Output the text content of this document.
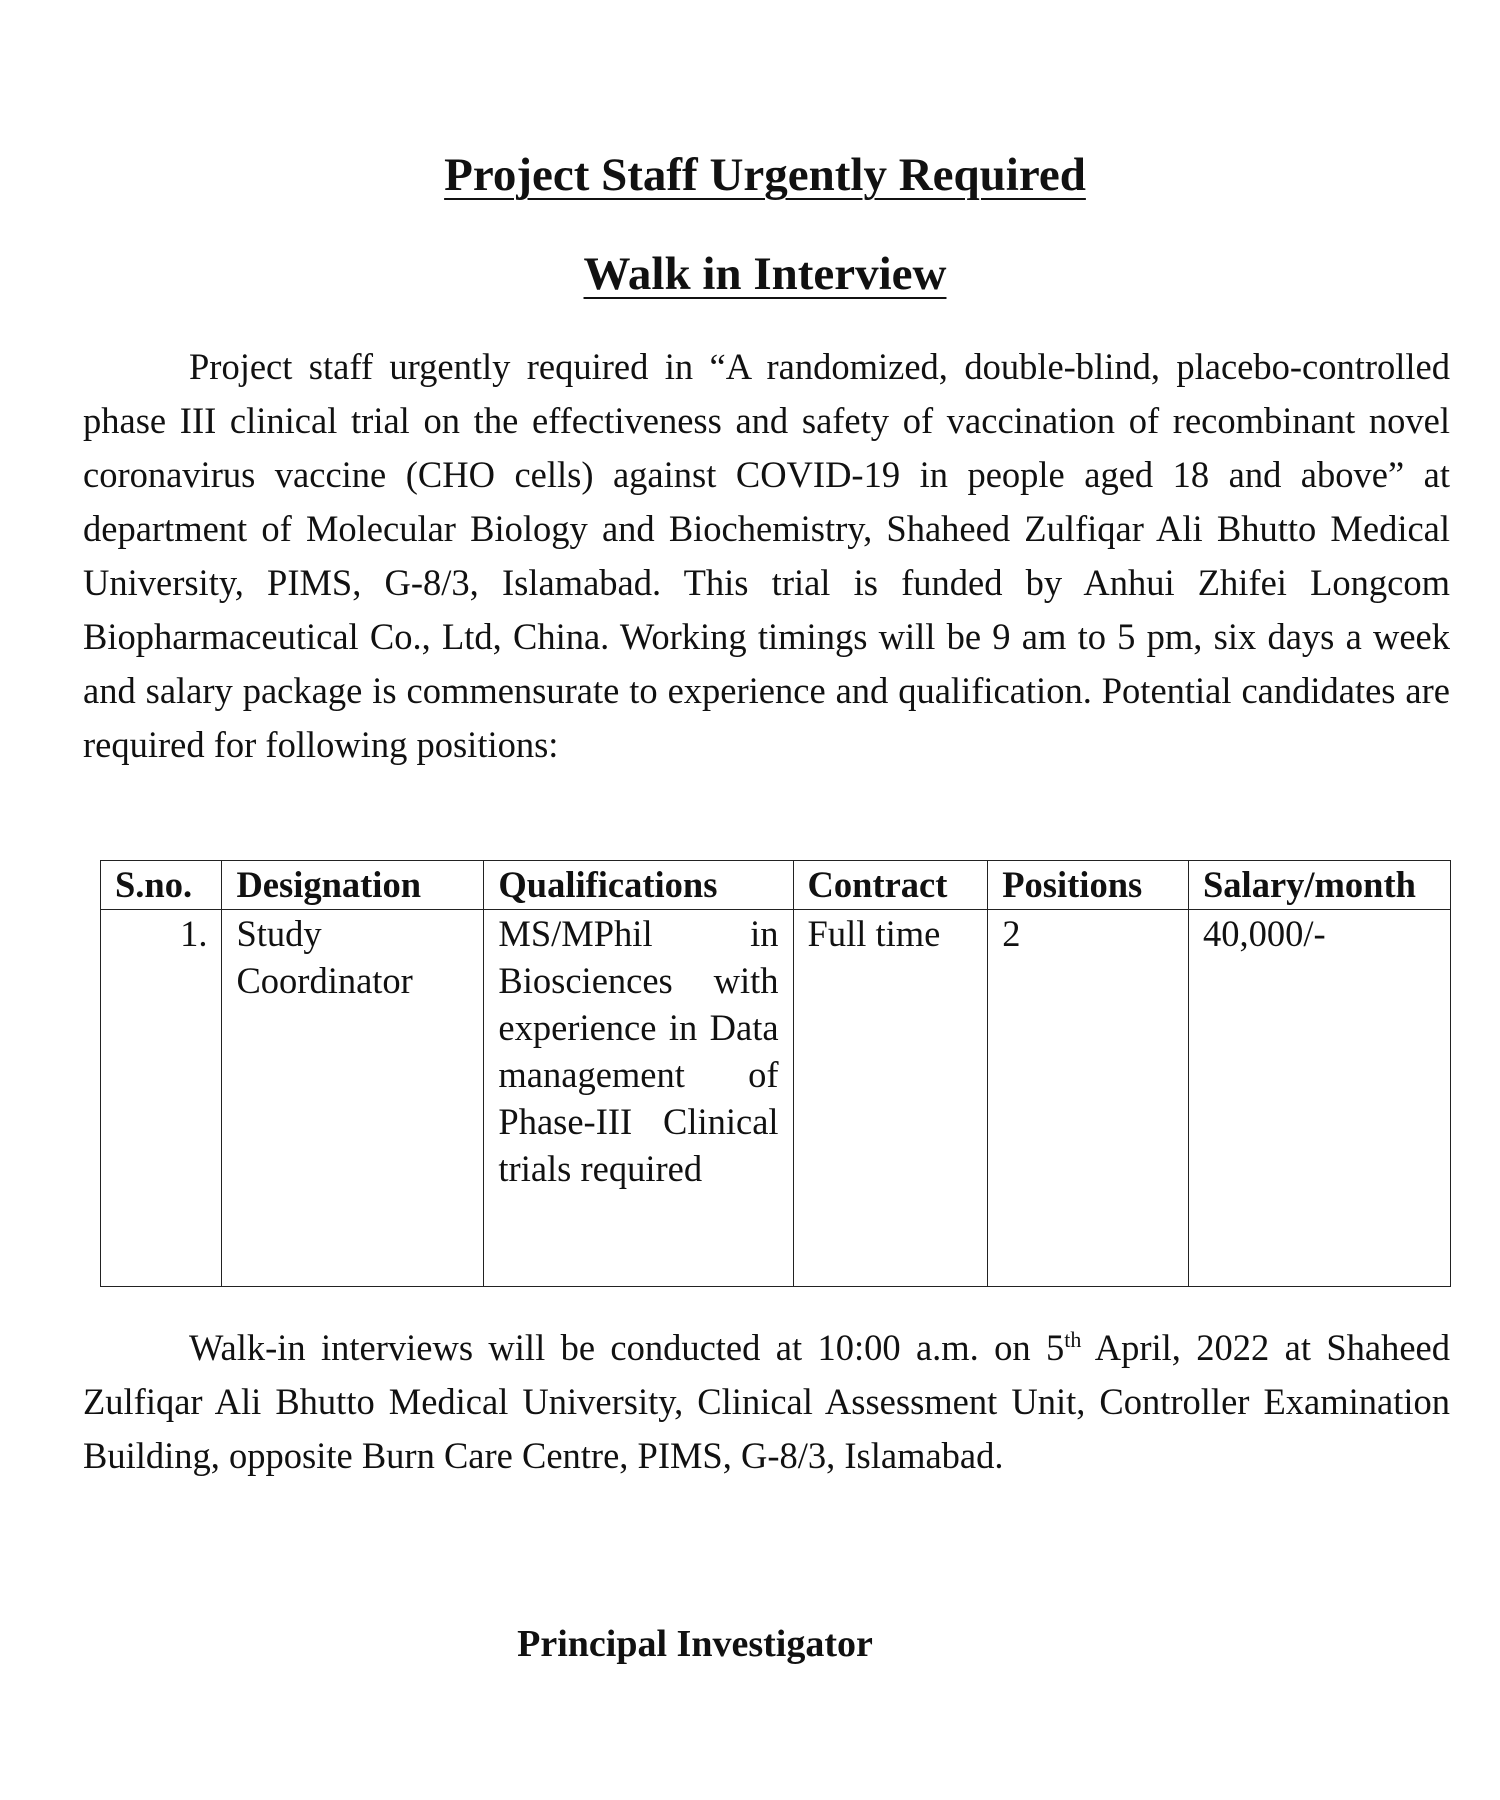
Project Staff Urgently Required
Walk in Interview

Project staff urgently required in “A randomized, double-blind, placebo-controlled phase III clinical trial on the effectiveness and safety of vaccination of recombinant novel coronavirus vaccine (CHO cells) against COVID-19 in people aged 18 and above” at department of Molecular Biology and Biochemistry, Shaheed Zulfiqar Ali Bhutto Medical University, PIMS, G-8/3, Islamabad. This trial is funded by Anhui Zhifei Longcom Biopharmaceutical Co., Ltd, China. Working timings will be 9 am to 5 pm, six days a week and salary package is commensurate to experience and qualification. Potential candidates are required for following positions:

S.no.	Designation	Qualifications	Contract	Positions	Salary/month
1.	Study Coordinator	MS/MPhil in Biosciences with experience in Data management of Phase-III Clinical trials required	Full time	2	40,000/-

Walk-in interviews will be conducted at 10:00 a.m. on 5th April, 2022 at Shaheed Zulfiqar Ali Bhutto Medical University, Clinical Assessment Unit, Controller Examination Building, opposite Burn Care Centre, PIMS, G-8/3, Islamabad.

Principal Investigator
